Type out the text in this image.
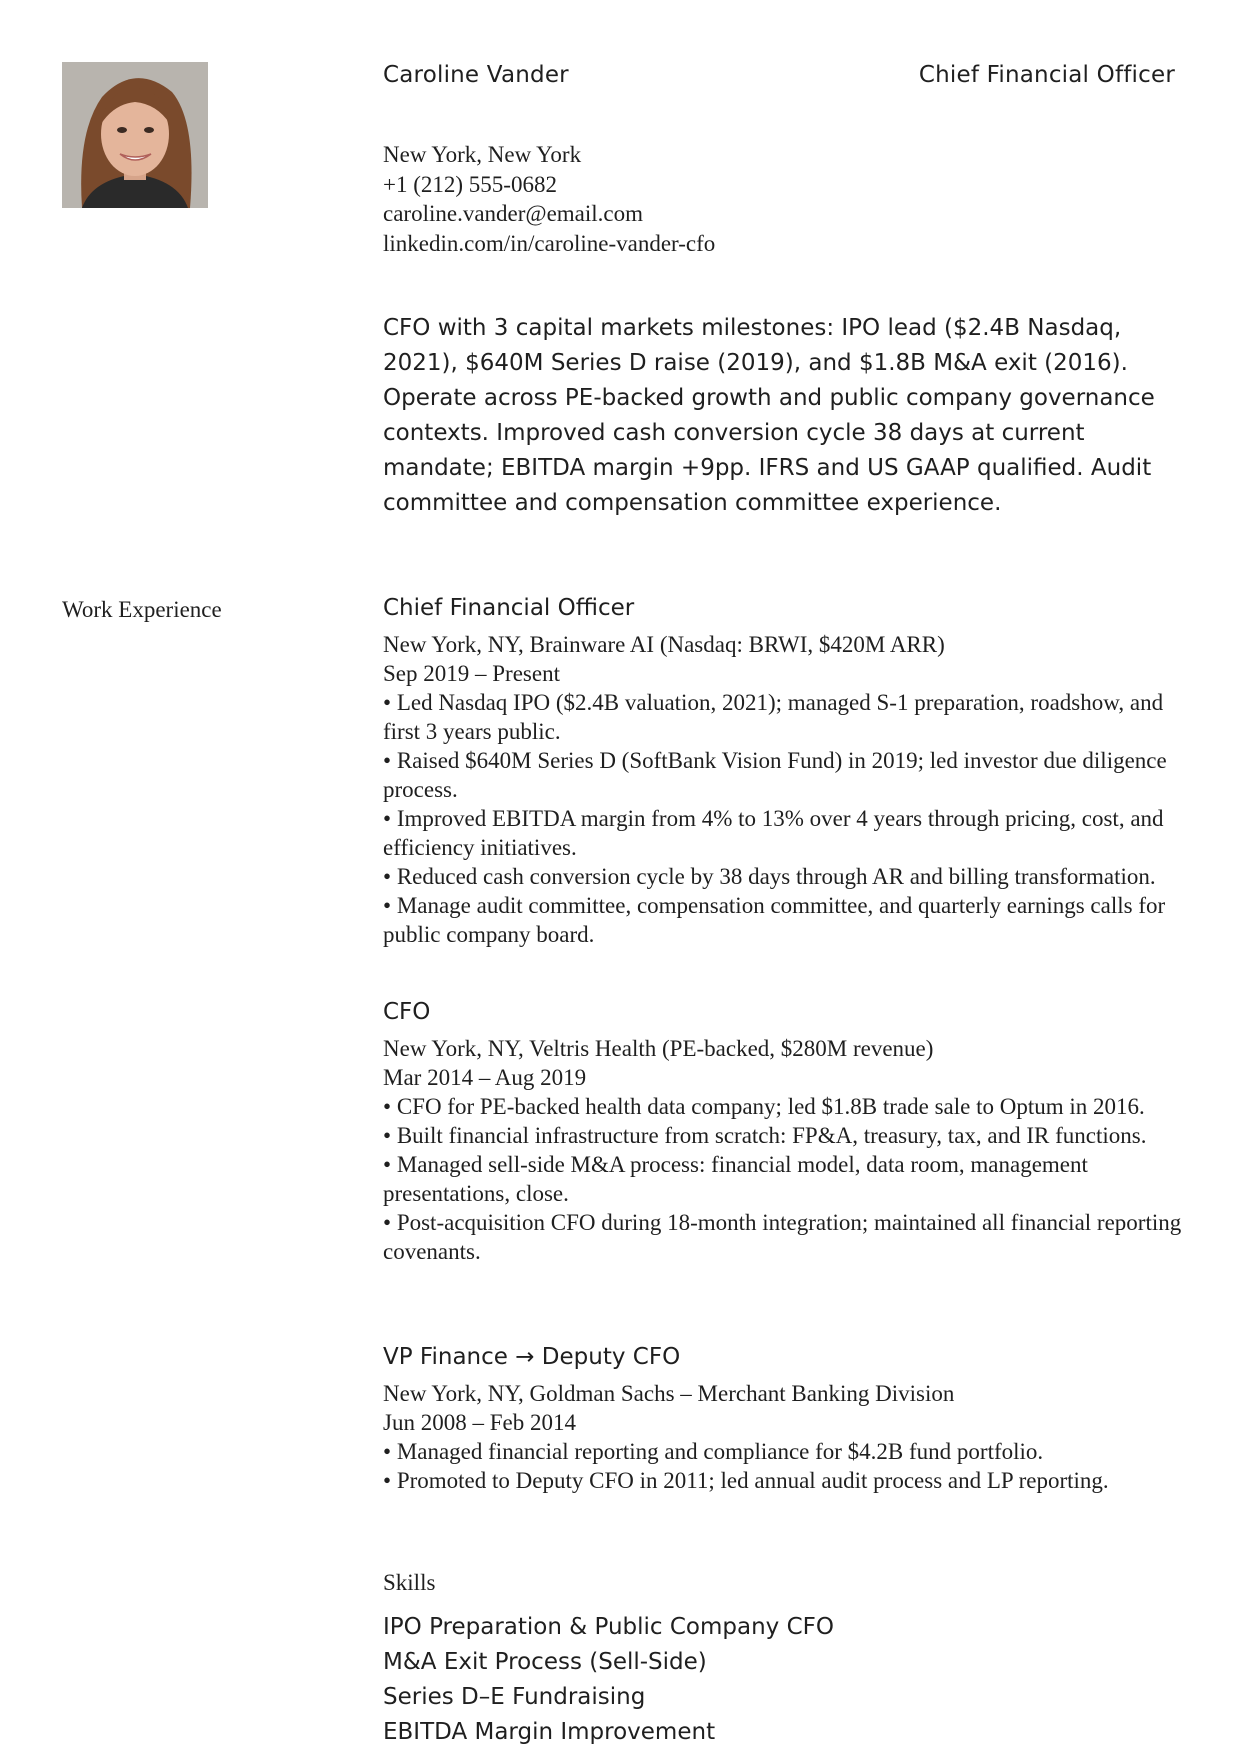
Caroline Vander	Chief Financial Officer
New York, New York
+1 (212) 555-0682
caroline.vander@email.com
linkedin.com/in/caroline-vander-cfo
CFO with 3 capital markets milestones: IPO lead ($2.4B Nasdaq, 2021), $640M Series D raise (2019), and $1.8B M&A exit (2016). Operate across PE-backed growth and public company governance contexts. Improved cash conversion cycle 38 days at current mandate; EBITDA margin +9pp. IFRS and US GAAP qualified. Audit committee and compensation committee experience.
Work Experience	Chief Financial Officer
New York, NY, Brainware AI (Nasdaq: BRWI, $420M ARR)
Sep 2019 – Present
• Led Nasdaq IPO ($2.4B valuation, 2021); managed S-1 preparation, roadshow, and first 3 years public.
• Raised $640M Series D (SoftBank Vision Fund) in 2019; led investor due diligence process.
• Improved EBITDA margin from 4% to 13% over 4 years through pricing, cost, and efficiency initiatives.
• Reduced cash conversion cycle by 38 days through AR and billing transformation.
• Manage audit committee, compensation committee, and quarterly earnings calls for public company board.
CFO
New York, NY, Veltris Health (PE-backed, $280M revenue)
Mar 2014 – Aug 2019
• CFO for PE-backed health data company; led $1.8B trade sale to Optum in 2016.
• Built financial infrastructure from scratch: FP&A, treasury, tax, and IR functions.
• Managed sell-side M&A process: financial model, data room, management presentations, close.
• Post-acquisition CFO during 18-month integration; maintained all financial reporting covenants.
VP Finance → Deputy CFO
New York, NY, Goldman Sachs – Merchant Banking Division
Jun 2008 – Feb 2014
• Managed financial reporting and compliance for $4.2B fund portfolio.
• Promoted to Deputy CFO in 2011; led annual audit process and LP reporting.
Skills
IPO Preparation & Public Company CFO
M&A Exit Process (Sell-Side)
Series D–E Fundraising
EBITDA Margin Improvement
